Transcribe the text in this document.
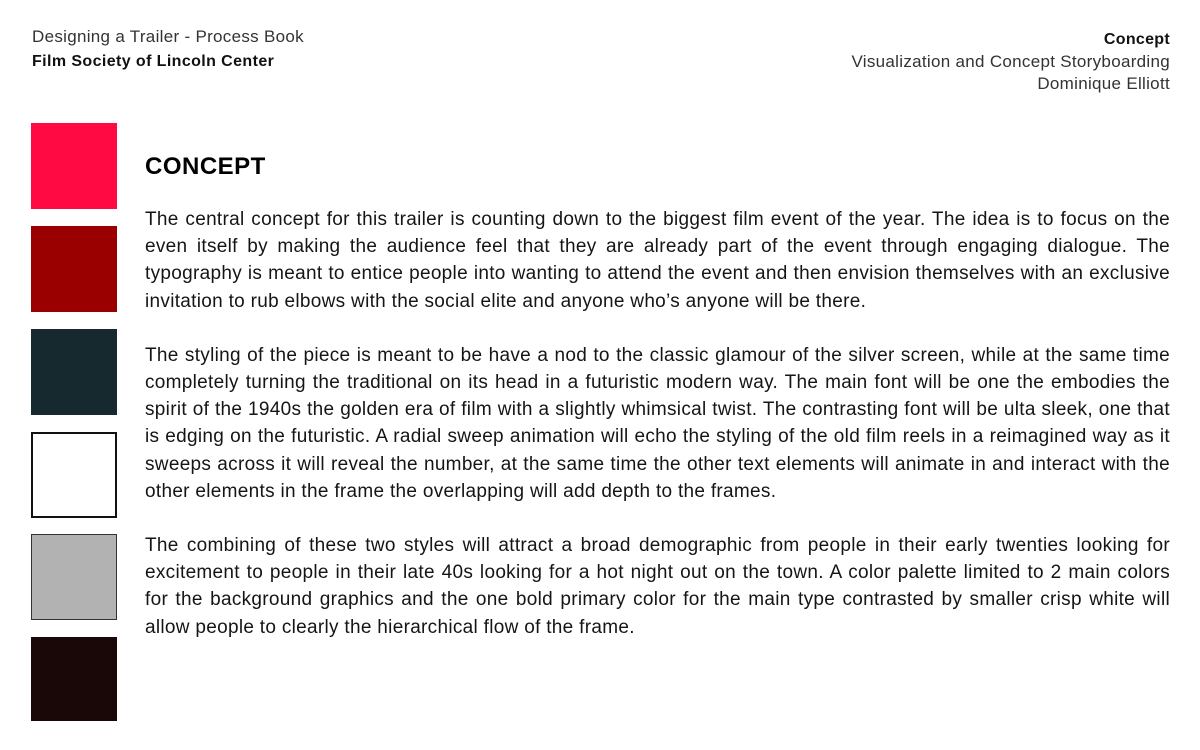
Designing a Trailer - Process Book
Film Society of Lincoln Center
Concept
Visualization and Concept Storyboarding
Dominique Elliott
CONCEPT

The central concept for this trailer is counting down to the biggest film event of the year. The idea is to focus on the even itself by making the audience feel that they are already part of the event through engaging dialogue. The typography is meant to entice people into wanting to attend the event and then envision themselves with an exclusive invitation to rub elbows with the social elite and anyone who’s anyone will be there.

The styling of the piece is meant to be have a nod to the classic glamour of the silver screen, while at the same time completely turning the traditional on its head in a futuristic modern way. The main font will be one the embodies the spirit of the 1940s the golden era of film with a slightly whimsical twist. The contrasting font will be ulta sleek, one that is edging on the futuristic. A radial sweep animation will echo the styling of the old film reels in a reimagined way as it sweeps across it will reveal the number, at the same time the other text elements will animate in and interact with the other elements in the frame the overlapping will add depth to the frames.

The combining of these two styles will attract a broad demographic from people in their early twenties looking for excitement to people in their late 40s looking for a hot night out on the town. A color palette limited to 2 main colors for the background graphics and the one bold primary color for the main type contrasted by smaller crisp white will allow people to clearly the hierarchical flow of the frame.
